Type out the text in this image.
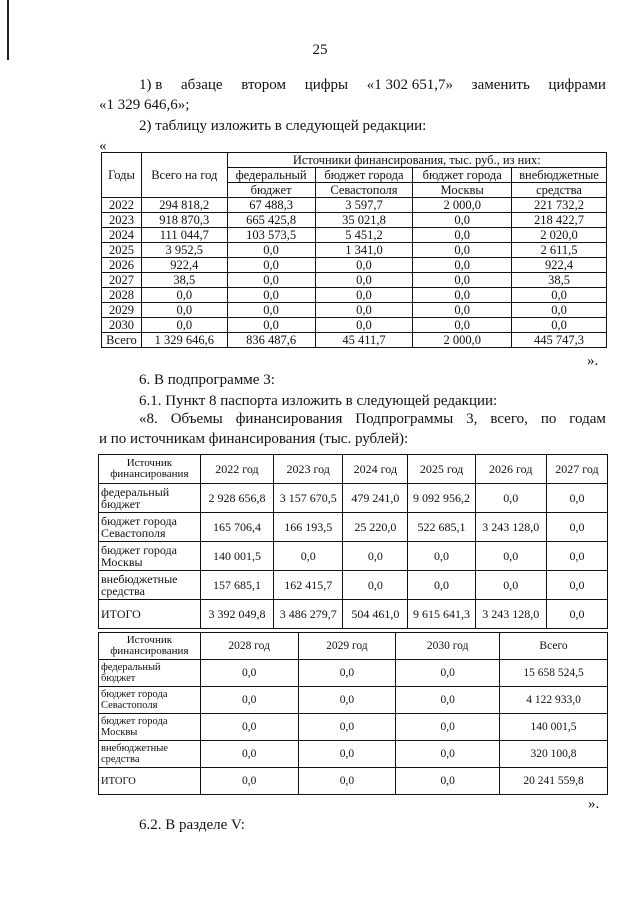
25
1) в абзаце втором цифры «1 302 651,7» заменить цифрами
«1 329 646,6»;
2) таблицу изложить в следующей редакции:
«
Годы	Всего на год	Источники финансирования, тыс. руб., из них:			
		федеральный	бюджет города	бюджет города	внебюджетные
		бюджет	Севастополя	Москвы	средства
2022	294 818,2	67 488,3	3 597,7	2 000,0	221 732,2
2023	918 870,3	665 425,8	35 021,8	0,0	218 422,7
2024	111 044,7	103 573,5	5 451,2	0,0	2 020,0
2025	3 952,5	0,0	1 341,0	0,0	2 611,5
2026	922,4	0,0	0,0	0,0	922,4
2027	38,5	0,0	0,0	0,0	38,5
2028	0,0	0,0	0,0	0,0	0,0
2029	0,0	0,0	0,0	0,0	0,0
2030	0,0	0,0	0,0	0,0	0,0
Всего	1 329 646,6	836 487,6	45 411,7	2 000,0	445 747,3
».
6. В подпрограмме 3:
6.1. Пункт 8 паспорта изложить в следующей редакции:
«8. Объемы финансирования Подпрограммы 3, всего, по годам
и по источникам финансирования (тыс. рублей):
Источник
финансирования	2022 год	2023 год	2024 год	2025 год	2026 год	2027 год

федеральный
бюджет	2 928 656,8	3 157 670,5	479 241,0	9 092 956,2	0,0	0,0

бюджет города
Севастополя	165 706,4	166 193,5	25 220,0	522 685,1	3 243 128,0	0,0

бюджет города
Москвы	140 001,5	0,0	0,0	0,0	0,0	0,0

внебюджетные
средства	157 685,1	162 415,7	0,0	0,0	0,0	0,0

ИТОГО	3 392 049,8	3 486 279,7	504 461,0	9 615 641,3	3 243 128,0	0,0
Источник
финансирования	2028 год	2029 год	2030 год	Всего

федеральный
бюджет	0,0	0,0	0,0	15 658 524,5

бюджет города
Севастополя	0,0	0,0	0,0	4 122 933,0

бюджет города
Москвы	0,0	0,0	0,0	140 001,5

внебюджетные
средства	0,0	0,0	0,0	320 100,8

ИТОГО	0,0	0,0	0,0	20 241 559,8
».
6.2. В разделе V:
